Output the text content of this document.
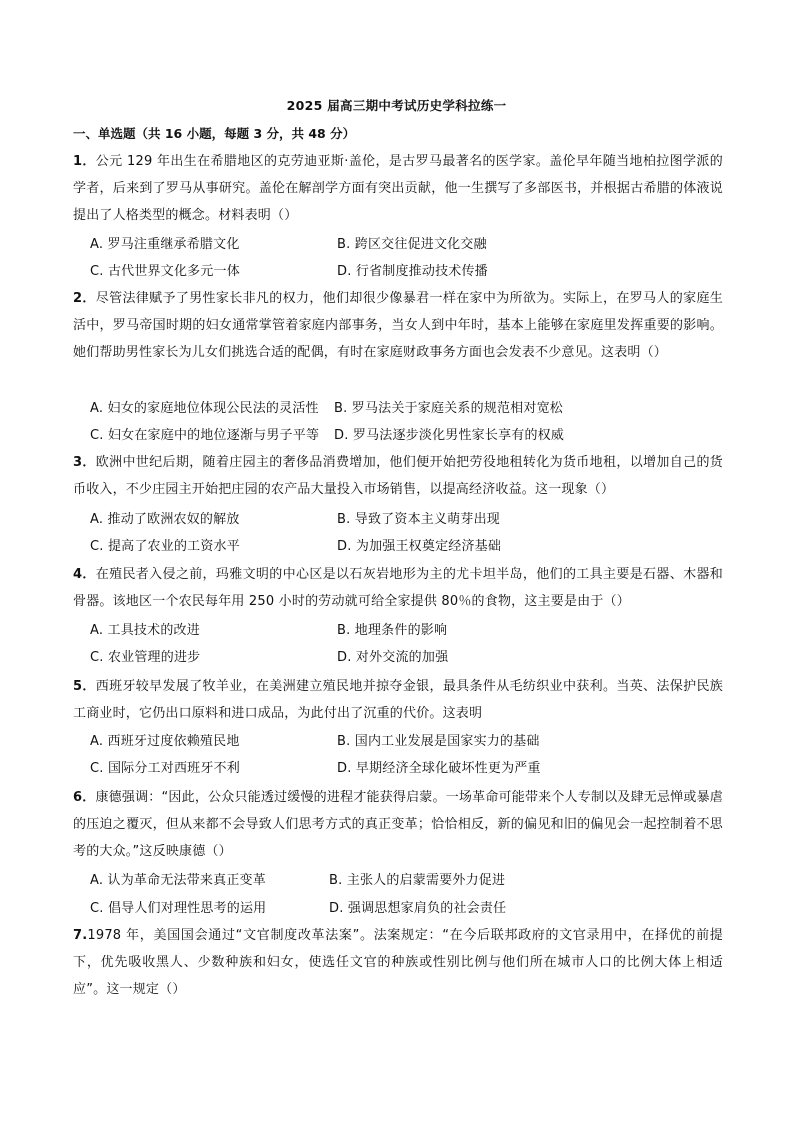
2025 届高三期中考试历史学科拉练一
一、单选题（共 16 小题，每题 3 分，共 48 分）
1．公元 129 年出生在希腊地区的克劳迪亚斯·盖伦，是古罗马最著名的医学家。盖伦早年随当地柏拉图学派的学者，后来到了罗马从事研究。盖伦在解剖学方面有突出贡献，他一生撰写了多部医书，并根据古希腊的体液说提出了人格类型的概念。材料表明（）
A. 罗马注重继承希腊文化	B. 跨区交往促进文化交融
C. 古代世界文化多元一体	D. 行省制度推动技术传播
2．尽管法律赋予了男性家长非凡的权力，他们却很少像暴君一样在家中为所欲为。实际上，在罗马人的家庭生活中，罗马帝国时期的妇女通常掌管着家庭内部事务，当女人到中年时，基本上能够在家庭里发挥重要的影响。她们帮助男性家长为儿女们挑选合适的配偶，有时在家庭财政事务方面也会发表不少意见。这表明（）
A. 妇女的家庭地位体现公民法的灵活性 B. 罗马法关于家庭关系的规范相对宽松
C. 妇女在家庭中的地位逐渐与男子平等 D. 罗马法逐步淡化男性家长享有的权威
3．欧洲中世纪后期，随着庄园主的奢侈品消费增加，他们便开始把劳役地租转化为货币地租，以增加自己的货币收入，不少庄园主开始把庄园的农产品大量投入市场销售，以提高经济收益。这一现象（）
A. 推动了欧洲农奴的解放	B. 导致了资本主义萌芽出现
C. 提高了农业的工资水平	D. 为加强王权奠定经济基础
4．在殖民者入侵之前，玛雅文明的中心区是以石灰岩地形为主的尤卡坦半岛，他们的工具主要是石器、木器和骨器。该地区一个农民每年用 250 小时的劳动就可给全家提供 80％的食物，这主要是由于（）
A. 工具技术的改进	B. 地理条件的影响
C. 农业管理的进步	D. 对外交流的加强
5．西班牙较早发展了牧羊业，在美洲建立殖民地并掠夺金银，最具条件从毛纺织业中获利。当英、法保护民族工商业时，它仍出口原料和进口成品，为此付出了沉重的代价。这表明
A. 西班牙过度依赖殖民地	B. 国内工业发展是国家实力的基础
C. 国际分工对西班牙不利	D. 早期经济全球化破坏性更为严重
6．康德强调：“因此，公众只能透过缓慢的进程才能获得启蒙。一场革命可能带来个人专制以及肆无忌惮或暴虐的压迫之覆灭，但从来都不会导致人们思考方式的真正变革；恰恰相反，新的偏见和旧的偏见会一起控制着不思考的大众。”这反映康德（）
A. 认为革命无法带来真正变革	B. 主张人的启蒙需要外力促进
C. 倡导人们对理性思考的运用	D. 强调思想家肩负的社会责任
7.1978 年，美国国会通过“文官制度改革法案”。法案规定：“在今后联邦政府的文官录用中，在择优的前提下，优先吸收黑人、少数种族和妇女，使选任文官的种族或性别比例与他们所在城市人口的比例大体上相适应”。这一规定（）
